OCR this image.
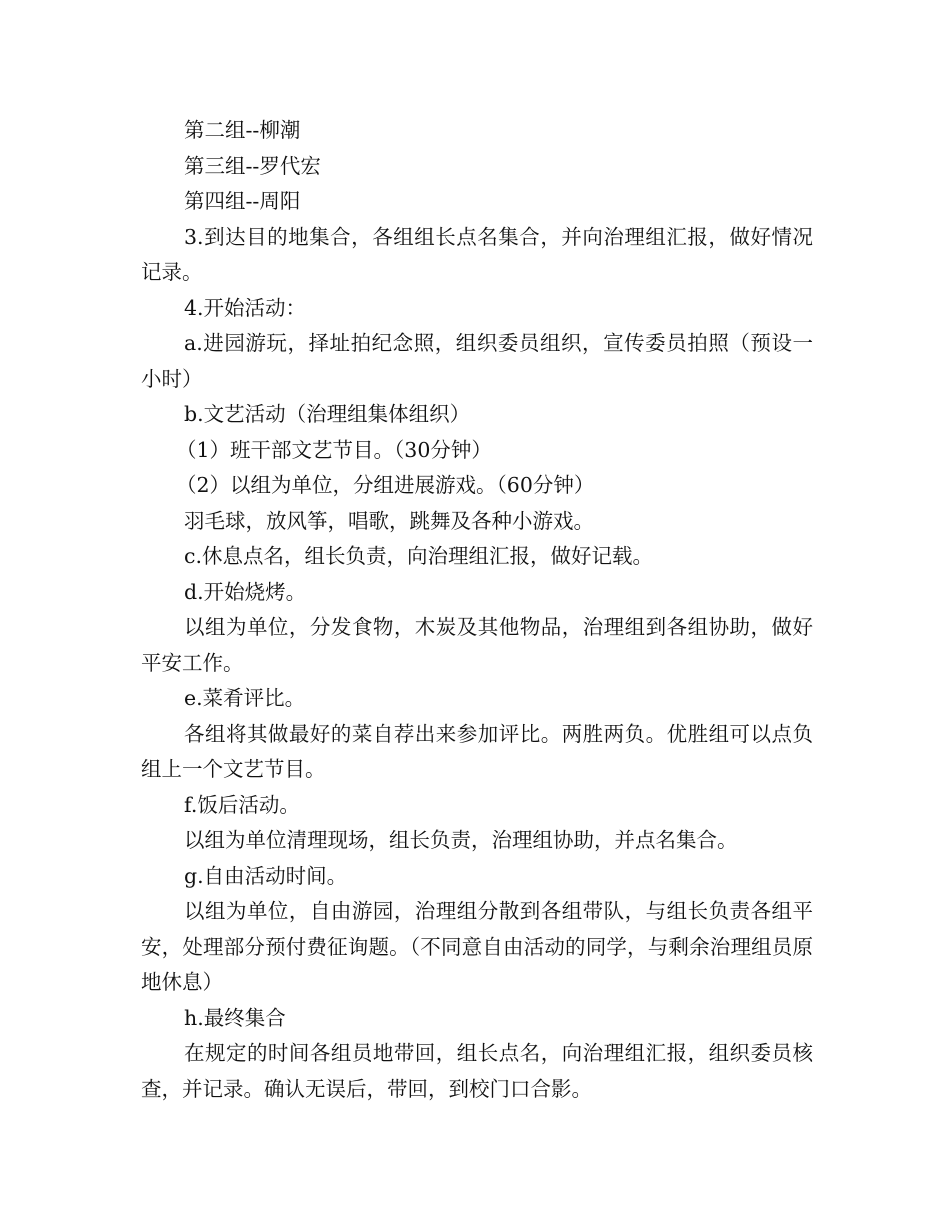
第二组--柳潮

第三组--罗代宏

第四组--周阳

3.到达目的地集合，各组组长点名集合，并向治理组汇报，做好情况记录。

4.开始活动：

a.进园游玩，择址拍纪念照，组织委员组织，宣传委员拍照（预设一小时）

b.文艺活动（治理组集体组织）

（1）班干部文艺节目。（30分钟）

（2）以组为单位，分组进展游戏。（60分钟）

羽毛球，放风筝，唱歌，跳舞及各种小游戏。

c.休息点名，组长负责，向治理组汇报，做好记载。

d.开始烧烤。

以组为单位，分发食物，木炭及其他物品，治理组到各组协助，做好平安工作。

e.菜肴评比。

各组将其做最好的菜自荐出来参加评比。两胜两负。优胜组可以点负组上一个文艺节目。

f.饭后活动。

以组为单位清理现场，组长负责，治理组协助，并点名集合。

g.自由活动时间。

以组为单位，自由游园，治理组分散到各组带队，与组长负责各组平安，处理部分预付费征询题。（不同意自由活动的同学，与剩余治理组员原地休息）

h.最终集合

在规定的时间各组员地带回，组长点名，向治理组汇报，组织委员核查，并记录。确认无误后，带回，到校门口合影。
